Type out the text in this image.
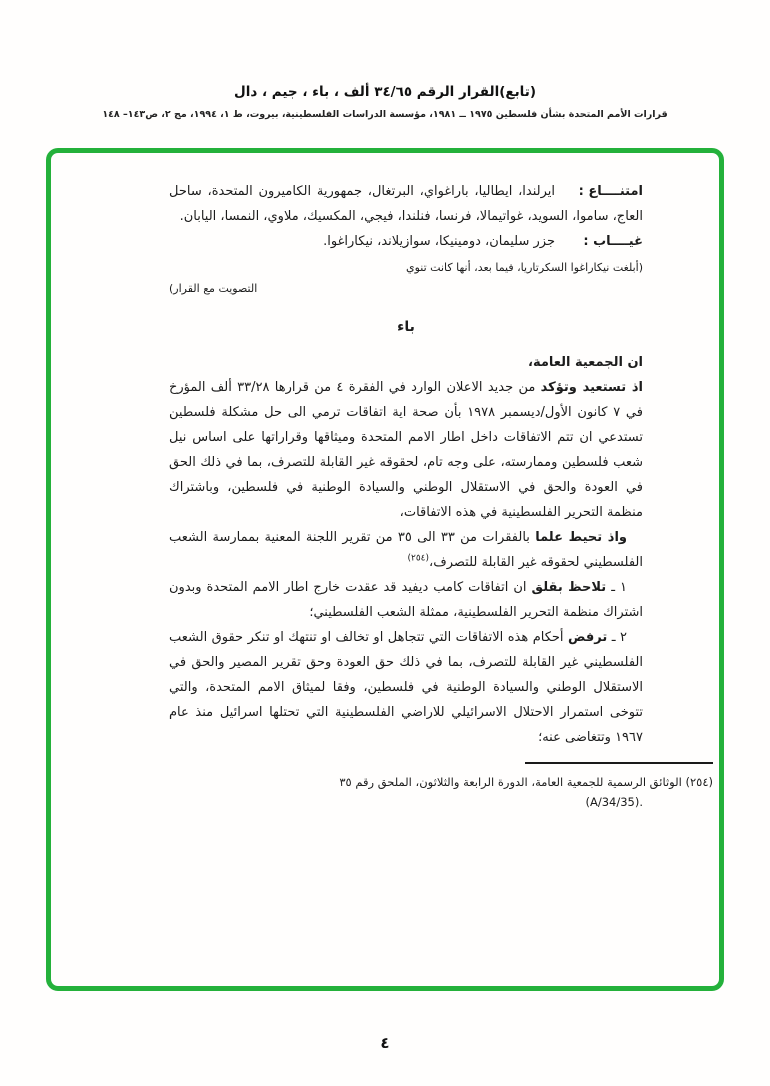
(تابع)القرار الرقم ٣٤/٦٥ ألف ، باء ، جيم ، دال
قرارات الأمم المتحدة بشأن فلسطين ١٩٧٥ ــ ١٩٨١، مؤسسة الدراسات الفلسطينية، بيروت، ط ١، ١٩٩٤، مج ٢، ص١٤٣– ١٤٨

امتنــــاع :ايرلندا، ايطاليا، باراغواي، البرتغال، جمهورية الكاميرون المتحدة، ساحل العاج، ساموا، السويد، غواتيمالا، فرنسا، فنلندا، فيجي، المكسيك، ملاوي، النمسا، اليابان.

غيــــاب :جزر سليمان، دومينيكا، سوازيلاند، نيكاراغوا.

(أبلغت نيكاراغوا السكرتاريا، فيما بعد، أنها كانت تنوي
التصويت مع القرار)
باء

ان الجمعية العامة،

اذ تستعيد وتؤكد من جديد الاعلان الوارد في الفقرة ٤ من قرارها ٣٣/٢٨ ألف المؤرخ في ٧ كانون الأول/ديسمبر ١٩٧٨ بأن صحة اية اتفاقات ترمي الى حل مشكلة فلسطين تستدعي ان تتم الاتفاقات داخل اطار الامم المتحدة وميثاقها وقراراتها على اساس نيل شعب فلسطين وممارسته، على وجه تام، لحقوقه غير القابلة للتصرف، بما في ذلك الحق في العودة والحق في الاستقلال الوطني والسيادة الوطنية في فلسطين، وباشتراك منظمة التحرير الفلسطينية في هذه الاتفاقات،

واذ تحيط علما بالفقرات من ٣٣ الى ٣٥ من تقرير اللجنة المعنية بممارسة الشعب الفلسطيني لحقوقه غير القابلة للتصرف،$^{(٢٥٤)}$

١ ـ تلاحظ بقلق ان اتفاقات كامب ديفيد قد عقدت خارج اطار الامم المتحدة وبدون اشتراك منظمة التحرير الفلسطينية، ممثلة الشعب الفلسطيني؛

٢ ـ ترفض أحكام هذه الاتفاقات التي تتجاهل او تخالف او تنتهك او تنكر حقوق الشعب الفلسطيني غير القابلة للتصرف، بما في ذلك حق العودة وحق تقرير المصير والحق في الاستقلال الوطني والسيادة الوطنية في فلسطين، وفقا لميثاق الامم المتحدة، والتي تتوخى استمرار الاحتلال الاسرائيلي للاراضي الفلسطينية التي تحتلها اسرائيل منذ عام ١٩٦٧ وتتغاضى عنه؛

(٢٥٤) الوثائق الرسمية للجمعية العامة، الدورة الرابعة والثلاثون، الملحق رقم ٣٥
(A/34/35).
٤
